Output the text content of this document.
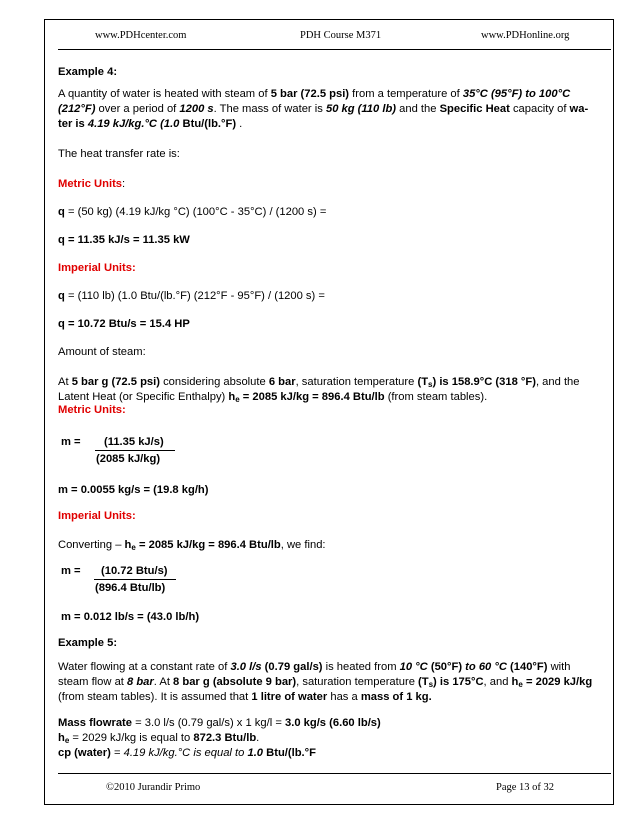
www.PDHcenter.com	PDH Course M371	www.PDHonline.org

Example 4:

A quantity of water is heated with steam of 5 bar (72.5 psi) from a temperature of 35°C (95°F) to 100°C
(212°F) over a period of 1200 s. The mass of water is 50 kg (110 lb) and the Specific Heat capacity of wa-
ter is 4.19 kJ/kg.°C (1.0 Btu/(lb.°F) .

The heat transfer rate is:

Metric Units:

q = (50 kg) (4.19 kJ/kg °C) (100°C - 35°C) / (1200 s) =

q = 11.35 kJ/s = 11.35 kW

Imperial Units:

q = (110 lb) (1.0 Btu/(lb.°F) (212°F - 95°F) / (1200 s) =

q = 10.72 Btu/s = 15.4 HP

Amount of steam:

At 5 bar g (72.5 psi) considering absolute 6 bar, saturation temperature $(T_s)$ is 158.9°C (318 °F), and the
Latent Heat (or Specific Enthalpy) $h_e = 2085$ kJ/kg = 896.4 Btu/lb (from steam tables).

Metric Units:

m = (11.35 kJ/s)
(2085 kJ/kg)

m = 0.0055 kg/s = (19.8 kg/h)

Imperial Units:

Converting – $h_e = 2085$ kJ/kg = 896.4 Btu/lb, we find:

m = (10.72 Btu/s)
(896.4 Btu/lb)

m = 0.012 lb/s = (43.0 lb/h)

Example 5:

Water flowing at a constant rate of 3.0 l/s (0.79 gal/s) is heated from 10 °C (50°F) to 60 °C (140°F) with
steam flow at 8 bar. At 8 bar g (absolute 9 bar), saturation temperature $(T_s)$ is 175°C, and $h_e = 2029$ kJ/kg
(from steam tables). It is assumed that 1 litre of water has a mass of 1 kg.

Mass flowrate = 3.0 l/s (0.79 gal/s) x 1 kg/l = 3.0 kg/s (6.60 lb/s)

$h_e = 2029$ kJ/kg is equal to 872.3 Btu/lb.

cp (water) = 4.19 kJ/kg.°C is equal to 1.0 Btu/(lb.°F

©2010 Jurandir Primo	Page 13 of 32
